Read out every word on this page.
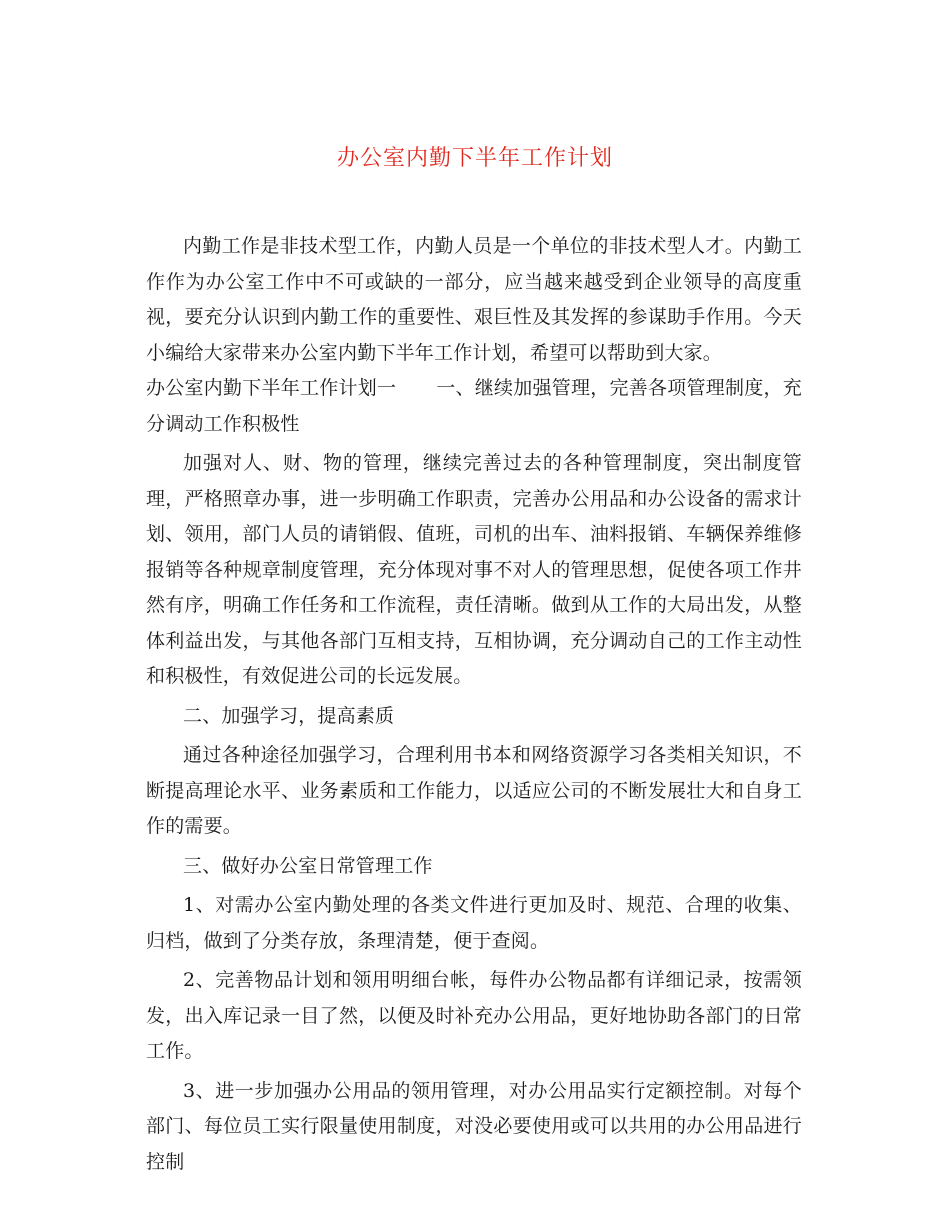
办公室内勤下半年工作计划

内勤工作是非技术型工作，内勤人员是一个单位的非技术型人才。内勤工作作为办公室工作中不可或缺的一部分，应当越来越受到企业领导的高度重视，要充分认识到内勤工作的重要性、艰巨性及其发挥的参谋助手作用。今天小编给大家带来办公室内勤下半年工作计划，希望可以帮助到大家。

办公室内勤下半年工作计划一 一、继续加强管理，完善各项管理制度，充分调动工作积极性

加强对人、财、物的管理，继续完善过去的各种管理制度，突出制度管理，严格照章办事，进一步明确工作职责，完善办公用品和办公设备的需求计划、领用，部门人员的请销假、值班，司机的出车、油料报销、车辆保养维修报销等各种规章制度管理，充分体现对事不对人的管理思想，促使各项工作井然有序，明确工作任务和工作流程，责任清晰。做到从工作的大局出发，从整体利益出发，与其他各部门互相支持，互相协调，充分调动自己的工作主动性和积极性，有效促进公司的长远发展。

二、加强学习，提高素质

通过各种途径加强学习，合理利用书本和网络资源学习各类相关知识，不断提高理论水平、业务素质和工作能力，以适应公司的不断发展壮大和自身工作的需要。

三、做好办公室日常管理工作

1、对需办公室内勤处理的各类文件进行更加及时、规范、合理的收集、归档，做到了分类存放，条理清楚，便于查阅。

2、完善物品计划和领用明细台帐，每件办公物品都有详细记录，按需领发，出入库记录一目了然，以便及时补充办公用品，更好地协助各部门的日常工作。

3、进一步加强办公用品的领用管理，对办公用品实行定额控制。对每个部门、每位员工实行限量使用制度，对没必要使用或可以共用的办公用品进行控制
